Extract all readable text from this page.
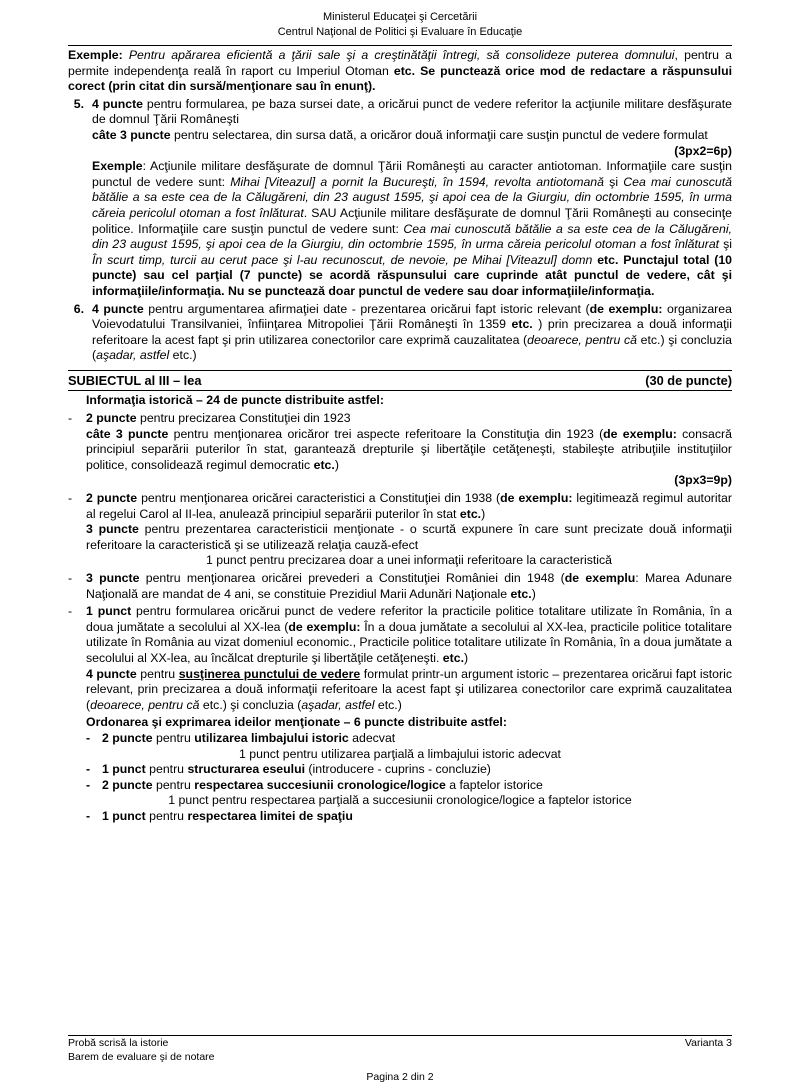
Ministerul Educaţei şi Cercetării
Centrul Naţional de Politici şi Evaluare în Educaţie

Exemple: Pentru apărarea eficientă a ţării sale şi a creştinătăţii întregi, să consolideze puterea domnului, pentru a permite independenţa reală în raport cu Imperiul Otoman etc. Se punctează orice mod de redactare a răspunsului corect (prin citat din sursă/menţionare sau în enunţ).

5. 4 puncte pentru formularea, pe baza sursei date, a oricărui punct de vedere referitor la acţiunile militare desfăşurate de domnul Ţării Româneşti

câte 3 puncte pentru selectarea, din sursa dată, a oricăror două informaţii care susţin punctul de vedere formulat

(3px2=6p)

Exemple: Acţiunile militare desfăşurate de domnul Ţării Româneşti au caracter antiotoman. Informaţiile care susţin punctul de vedere sunt: Mihai [Viteazul] a pornit la Bucureşti, în 1594, revolta antiotomană şi Cea mai cunoscută bătălie a sa este cea de la Călugăreni, din 23 august 1595, şi apoi cea de la Giurgiu, din octombrie 1595, în urma căreia pericolul otoman a fost înlăturat. SAU Acţiunile militare desfăşurate de domnul Ţării Româneşti au consecinţe politice. Informaţiile care susţin punctul de vedere sunt: Cea mai cunoscută bătălie a sa este cea de la Călugăreni, din 23 august 1595, şi apoi cea de la Giurgiu, din octombrie 1595, în urma căreia pericolul otoman a fost înlăturat şi În scurt timp, turcii au cerut pace şi l-au recunoscut, de nevoie, pe Mihai [Viteazul] domn etc. Punctajul total (10 puncte) sau cel parţial (7 puncte) se acordă răspunsului care cuprinde atât punctul de vedere, cât şi informaţiile/informaţia. Nu se punctează doar punctul de vedere sau doar informaţiile/informaţia.

6. 4 puncte pentru argumentarea afirmaţiei date - prezentarea oricărui fapt istoric relevant (de exemplu: organizarea Voievodatului Transilvaniei, înfiinţarea Mitropoliei Ţării Româneşti în 1359 etc. ) prin precizarea a două informaţii referitoare la acest fapt şi prin utilizarea conectorilor care exprimă cauzalitatea (deoarece, pentru că etc.) şi concluzia (aşadar, astfel etc.)

SUBIECTUL al III – lea	(30 de puncte)

Informaţia istorică – 24 de puncte distribuite astfel:

-	2 puncte pentru precizarea Constituţiei din 1923

câte 3 puncte pentru menţionarea oricăror trei aspecte referitoare la Constituţia din 1923 (de exemplu: consacră principiul separării puterilor în stat, garantează drepturile şi libertăţile cetăţeneşti, stabileşte atribuţiile instituţiilor politice, consolidează regimul democratic etc.)

(3px3=9p)

-	2 puncte pentru menţionarea oricărei caracteristici a Constituţiei din 1938 (de exemplu: legitimează regimul autoritar al regelui Carol al II-lea, anulează principiul separării puterilor în stat etc.)

3 puncte pentru prezentarea caracteristicii menţionate - o scurtă expunere în care sunt precizate două informaţii referitoare la caracteristică şi se utilizează relaţia cauză-efect

1 punct pentru precizarea doar a unei informaţii referitoare la caracteristică

-	3 puncte pentru menţionarea oricărei prevederi a Constituţiei României din 1948 (de exemplu: Marea Adunare Naţională are mandat de 4 ani, se constituie Prezidiul Marii Adunări Naţionale etc.)

-	1 punct pentru formularea oricărui punct de vedere referitor la practicile politice totalitare utilizate în România, în a doua jumătate a secolului al XX-lea (de exemplu: În a doua jumătate a secolului al XX-lea, practicile politice totalitare utilizate în România au vizat domeniul economic., Practicile politice totalitare utilizate în România, în a doua jumătate a secolului al XX-lea, au încălcat drepturile şi libertăţile cetăţeneşti. etc.)

4 puncte pentru susţinerea punctului de vedere formulat printr-un argument istoric – prezentarea oricărui fapt istoric relevant, prin precizarea a două informaţii referitoare la acest fapt şi utilizarea conectorilor care exprimă cauzalitatea (deoarece, pentru că etc.) şi concluzia (aşadar, astfel etc.)

Ordonarea şi exprimarea ideilor menţionate – 6 puncte distribuite astfel:

- 2 puncte pentru utilizarea limbajului istoric adecvat

1 punct pentru utilizarea parţială a limbajului istoric adecvat

- 1 punct pentru structurarea eseului (introducere - cuprins - concluzie)

- 2 puncte pentru respectarea succesiunii cronologice/logice a faptelor istorice

1 punct pentru respectarea parţială a succesiunii cronologice/logice a faptelor istorice

- 1 punct pentru respectarea limitei de spaţiu

Probă scrisă la istorie
Barem de evaluare şi de notare
Varianta 3
Pagina 2 din 2
